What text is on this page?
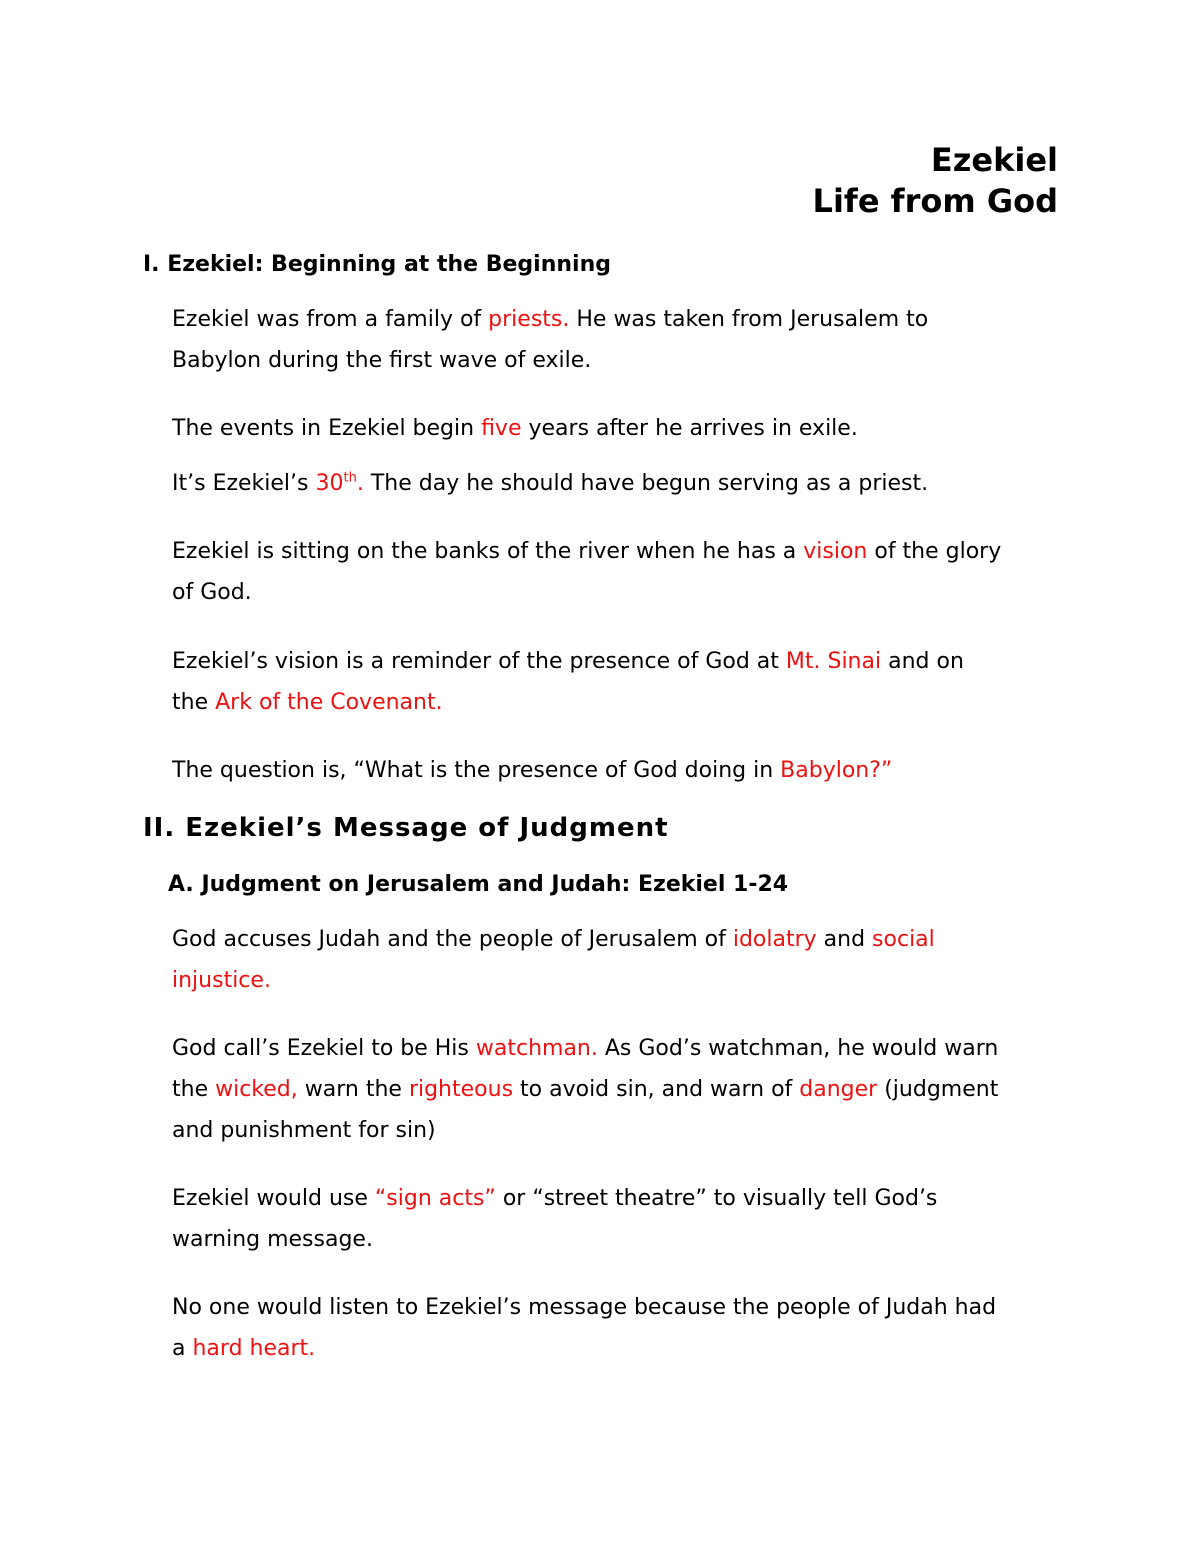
Ezekiel
Life from God
I. Ezekiel: Beginning at the Beginning
Ezekiel was from a family of priests. He was taken from Jerusalem to
Babylon during the first wave of exile.
The events in Ezekiel begin five years after he arrives in exile.
It’s Ezekiel’s 30th. The day he should have begun serving as a priest.
Ezekiel is sitting on the banks of the river when he has a vision of the glory
of God.
Ezekiel’s vision is a reminder of the presence of God at Mt. Sinai and on
the Ark of the Covenant.
The question is, “What is the presence of God doing in Babylon?”
II. Ezekiel’s Message of Judgment
A. Judgment on Jerusalem and Judah: Ezekiel 1-24
God accuses Judah and the people of Jerusalem of idolatry and social
injustice.
God call’s Ezekiel to be His watchman. As God’s watchman, he would warn
the wicked, warn the righteous to avoid sin, and warn of danger (judgment
and punishment for sin)
Ezekiel would use “sign acts” or “street theatre” to visually tell God’s
warning message.
No one would listen to Ezekiel’s message because the people of Judah had
a hard heart.
